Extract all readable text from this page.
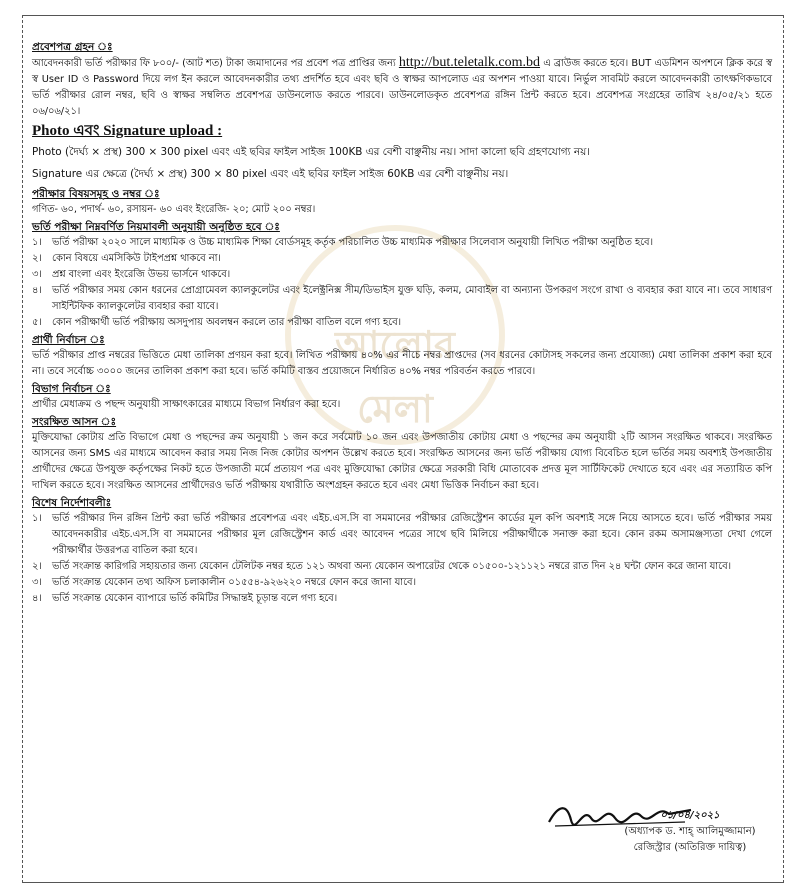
আলোর মেলা
প্রবেশপত্র গ্রহন ঃ
আবেদনকারী ভর্তি পরীক্ষার ফি ৮০০/- (আট শত) টাকা জমাদানের পর প্রবেশ পত্র প্রাপ্তির জন্য http://but.teletalk.com.bd এ ব্রাউজ করতে হবে। BUT এডমিশন অপশনে ক্লিক করে স্ব স্ব User ID ও Password দিয়ে লগ ইন করলে আবেদনকারীর তথ্য প্রদর্শিত হবে এবং ছবি ও স্বাক্ষর আপলোড এর অপশন পাওয়া যাবে। নির্ভুল সাবমিট করলে আবেদনকারী তাৎক্ষণিকভাবে ভর্তি পরীক্ষার রোল নম্বর, ছবি ও স্বাক্ষর সম্বলিত প্রবেশপত্র ডাউনলোড করতে পারবে। ডাউনলোডকৃত প্রবেশপত্র রঙ্গিন প্রিন্ট করতে হবে। প্রবেশপত্র সংগ্রহের তারিখ ২৪/০৫/২১ হতে ০৬/০৬/২১।
Photo এবং Signature upload :
Photo (দৈর্ঘ্য × প্রস্থ) 300 × 300 pixel এবং এই ছবির ফাইল সাইজ 100KB এর বেশী বাঞ্ছনীয় নয়। সাদা কালো ছবি গ্রহণযোগ্য নয়।
Signature এর ক্ষেত্রে (দৈর্ঘ্য × প্রস্থ) 300 × 80 pixel এবং এই ছবির ফাইল সাইজ 60KB এর বেশী বাঞ্ছনীয় নয়।
পরীক্ষার বিষয়সমূহ ও নম্বর ঃ
গণিত- ৬০, পদার্থ- ৬০, রসায়ন- ৬০ এবং ইংরেজি- ২০; মোট ২০০ নম্বর।
ভর্তি পরীক্ষা নিম্নবর্ণিত নিয়মাবলী অনুযায়ী অনুষ্ঠিত হবে ঃ
১।	ভর্তি পরীক্ষা ২০২০ সালে মাধ্যমিক ও উচ্চ মাধ্যমিক শিক্ষা বোর্ডসমূহ কর্তৃক পরিচালিত উচ্চ মাধ্যমিক পরীক্ষার সিলেবাস অনুযায়ী লিখিত পরীক্ষা অনুষ্ঠিত হবে।
২।	কোন বিষয়ে এমসিকিউ টাইপপ্রশ্ন থাকবে না।
৩।	প্রশ্ন বাংলা এবং ইংরেজি উভয় ভার্সনে থাকবে।
৪।	ভর্তি পরীক্ষার সময় কোন ধরনের প্রোগ্রামেবল ক্যালকুলেটর এবং ইলেক্ট্রনিক্স সীম/ডিভাইস যুক্ত ঘড়ি, কলম, মোবাইল বা অন্যান্য উপকরণ সংগে রাখা ও ব্যবহার করা যাবে না। তবে সাধারণ সাইন্টিফিক ক্যালকুলেটর ব্যবহার করা যাবে।
৫।	কোন পরীক্ষার্থী ভর্তি পরীক্ষায় অসদুপায় অবলম্বন করলে তার পরীক্ষা বাতিল বলে গণ্য হবে।
প্রার্থী নির্বাচন ঃ
ভর্তি পরীক্ষার প্রাপ্ত নম্বরের ভিত্তিতে মেধা তালিকা প্রণয়ন করা হবে। লিখিত পরীক্ষায় ৪০% এর নীচে নম্বর প্রাপ্তদের (সব ধরনের কোটাসহ সকলের জন্য প্রযোজ্য) মেধা তালিকা প্রকাশ করা হবে না। তবে সর্বোচ্চ ৩০০০ জনের তালিকা প্রকাশ করা হবে। ভর্তি কমিটি বাস্তব প্রয়োজনে নির্ধারিত ৪০% নম্বর পরিবর্তন করতে পারবে।
বিভাগ নির্বাচন ঃ
প্রার্থীর মেধাক্রম ও পছন্দ অনুযায়ী সাক্ষাৎকারের মাধ্যমে বিভাগ নির্ধারণ করা হবে।
সংরক্ষিত আসন ঃ
মুক্তিযোদ্ধা কোটায় প্রতি বিভাগে মেধা ও পছন্দের ক্রম অনুযায়ী ১ জন করে সর্বমোট ১০ জন এবং উপজাতীয় কোটায় মেধা ও পছন্দের ক্রম অনুযায়ী ২টি আসন সংরক্ষিত থাকবে। সংরক্ষিত আসনের জন্য SMS এর মাধ্যমে আবেদন করার সময় নিজ নিজ কোটার অপশন উল্লেখ করতে হবে। সংরক্ষিত আসনের জন্য ভর্তি পরীক্ষায় যোগ্য বিবেচিত হলে ভর্তির সময় অবশ্যই উপজাতীয় প্রার্থীদের ক্ষেত্রে উপযুক্ত কর্তৃপক্ষের নিকট হতে উপজাতী মর্মে প্রত্যয়ণ পত্র এবং মুক্তিযোদ্ধা কোটার ক্ষেত্রে সরকারী বিধি মোতাবেক প্রদত্ত মূল সার্টিফিকেট দেখাতে হবে এবং এর সত্যায়িত কপি দাখিল করতে হবে। সংরক্ষিত আসনের প্রার্থীদেরও ভর্তি পরীক্ষায় যথারীতি অংশগ্রহন করতে হবে এবং মেধা ভিত্তিক নির্বাচন করা হবে।
বিশেষ নির্দেশাবলীঃ
১।	ভর্তি পরীক্ষার দিন রঙ্গিন প্রিন্ট করা ভর্তি পরীক্ষার প্রবেশপত্র এবং এইচ.এস.সি বা সমমানের পরীক্ষার রেজিস্ট্রেশন কার্ডের মূল কপি অবশ্যই সঙ্গে নিয়ে আসতে হবে। ভর্তি পরীক্ষার সময় আবেদনকারীর এইচ.এস.সি বা সমমানের পরীক্ষার মূল রেজিস্ট্রেশন কার্ড এবং আবেদন পত্রের সাথে ছবি মিলিয়ে পরীক্ষার্থীকে সনাক্ত করা হবে। কোন রকম অসামঞ্জস্যতা দেখা গেলে পরীক্ষার্থীর উত্তরপত্র বাতিল করা হবে।
২।	ভর্তি সংক্রান্ত কারিগরি সহায়তার জন্য যেকোন টেলিটক নম্বর হতে ১২১ অথবা অন্য যেকোন অপারেটর থেকে ০১৫০০-১২১১২১ নম্বরে রাত দিন ২৪ ঘন্টা ফোন করে জানা যাবে।
৩।	ভর্তি সংক্রান্ত যেকোন তথ্য অফিস চলাকালীন ০১৫৫৪-৯২৬২২০ নম্বরে ফোন করে জানা যাবে।
৪।	ভর্তি সংক্রান্ত যেকোন ব্যাপারে ভর্তি কমিটির সিদ্ধান্তই চূড়ান্ত বলে গণ্য হবে।
০১/০৪/২০২১
(অধ্যাপক ড. শাহ্ আলিমুজ্জামান)
রেজিস্ট্রার (অতিরিক্ত দায়িত্ব)
